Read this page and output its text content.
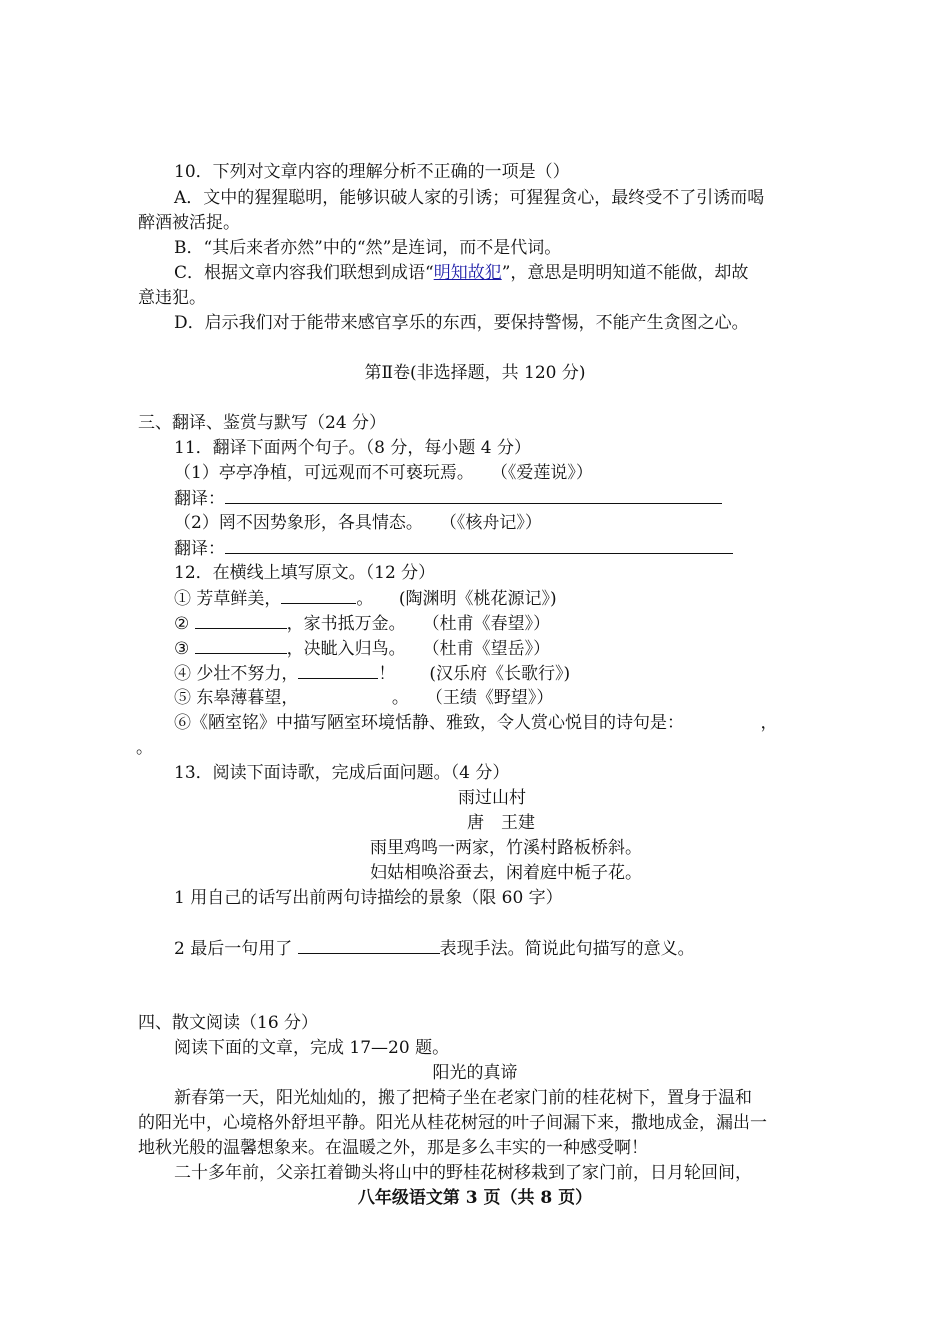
10．下列对文章内容的理解分析不正确的一项是（）
A．文中的猩猩聪明，能够识破人家的引诱；可猩猩贪心，最终受不了引诱而喝
醉酒被活捉。
B．“其后来者亦然”中的“然”是连词，而不是代词。
C．根据文章内容我们联想到成语“明知故犯”，意思是明明知道不能做，却故
意违犯。
D．启示我们对于能带来感官享乐的东西，要保持警惕，不能产生贪图之心。
第Ⅱ卷(非选择题，共 120 分)
三、翻译、鉴赏与默写（24 分）
11．翻译下面两个句子。（8 分，每小题 4 分）
（1）亭亭净植，可远观而不可亵玩焉。　　（《爱莲说》）
翻译：
（2）罔不因势象形，各具情态。　　（《核舟记》）
翻译：
12．在横线上填写原文。（12 分）
① 芳草鲜美，	。　　(陶渊明《桃花源记》)
②	，家书抵万金。　　（杜甫《春望》）
③	，决眦入归鸟。　　（杜甫《望岳》）
④ 少壮不努力，	！　　(汉乐府《长歌行》)
⑤ 东皋薄暮望，　　　　　　。　　（王绩《野望》）
⑥《陋室铭》中描写陋室环境恬静、雅致，令人赏心悦目的诗句是：　　　　　，
。
13．阅读下面诗歌，完成后面问题。（4 分）
雨过山村
唐　王建
雨里鸡鸣一两家，竹溪村路板桥斜。
妇姑相唤浴蚕去，闲着庭中栀子花。
1 用自己的话写出前两句诗描绘的景象（限 60 字）
2 最后一句用了	表现手法。简说此句描写的意义。
四、散文阅读（16 分）
阅读下面的文章，完成 17—20 题。
阳光的真谛
新春第一天，阳光灿灿的，搬了把椅子坐在老家门前的桂花树下，置身于温和
的阳光中，心境格外舒坦平静。阳光从桂花树冠的叶子间漏下来，撒地成金，漏出一
地秋光般的温馨想象来。在温暖之外，那是多么丰实的一种感受啊！
二十多年前，父亲扛着锄头将山中的野桂花树移栽到了家门前，日月轮回间，
八年级语文第 3 页（共 8 页）
